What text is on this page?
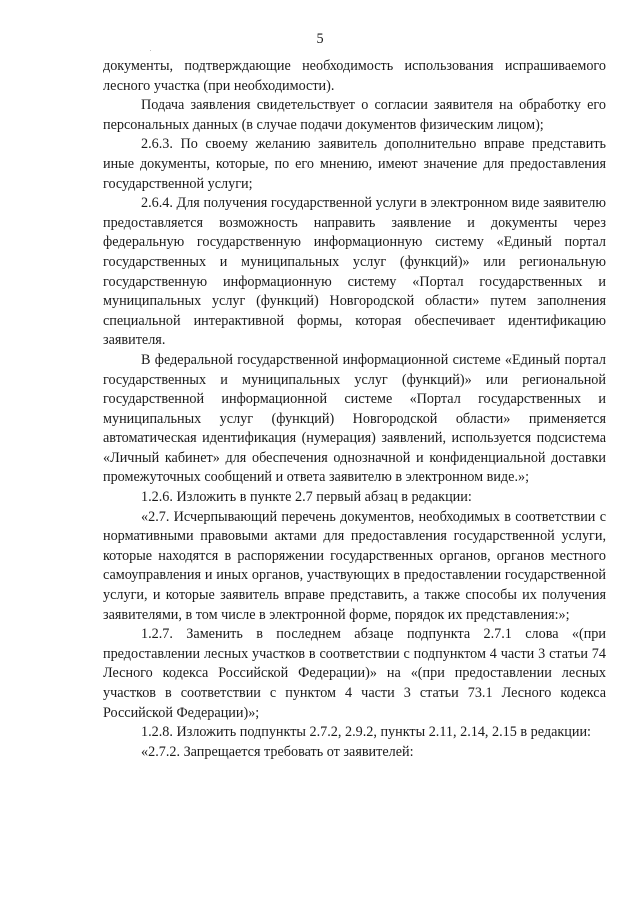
5

документы, подтверждающие необходимость использования испрашиваемого лесного участка (при необходимости).

Подача заявления свидетельствует о согласии заявителя на обработку его персональных данных (в случае подачи документов физическим лицом);

2.6.3. По своему желанию заявитель дополнительно вправе представить иные документы, которые, по его мнению, имеют значение для предоставления государственной услуги;

2.6.4. Для получения государственной услуги в электронном виде заявителю предоставляется возможность направить заявление и документы через федеральную государственную информационную систему «Единый портал государственных и муниципальных услуг (функций)» или региональную государственную информационную систему «Портал государственных и муниципальных услуг (функций) Новгородской области» путем заполнения специальной интерактивной формы, которая обеспечивает идентификацию заявителя.

В федеральной государственной информационной системе «Единый портал государственных и муниципальных услуг (функций)» или региональной государственной информационной системе «Портал государственных и муниципальных услуг (функций) Новгородской области» применяется автоматическая идентификация (нумерация) заявлений, используется подсистема «Личный кабинет» для обеспечения однозначной и конфиденциальной доставки промежуточных сообщений и ответа заявителю в электронном виде.»;

1.2.6. Изложить в пункте 2.7 первый абзац в редакции:

«2.7. Исчерпывающий перечень документов, необходимых в соответствии с нормативными правовыми актами для предоставления государственной услуги, которые находятся в распоряжении государственных органов, органов местного самоуправления и иных органов, участвующих в предоставлении государственной услуги, и которые заявитель вправе представить, а также способы их получения заявителями, в том числе в электронной форме, порядок их представления:»;

1.2.7. Заменить в последнем абзаце подпункта 2.7.1 слова «(при предоставлении лесных участков в соответствии с подпунктом 4 части 3 статьи 74 Лесного кодекса Российской Федерации)» на «(при предоставлении лесных участков в соответствии с пунктом 4 части 3 статьи 73.1 Лесного кодекса Российской Федерации)»;

1.2.8. Изложить подпункты 2.7.2, 2.9.2, пункты 2.11, 2.14, 2.15 в редакции:

«2.7.2. Запрещается требовать от заявителей:
